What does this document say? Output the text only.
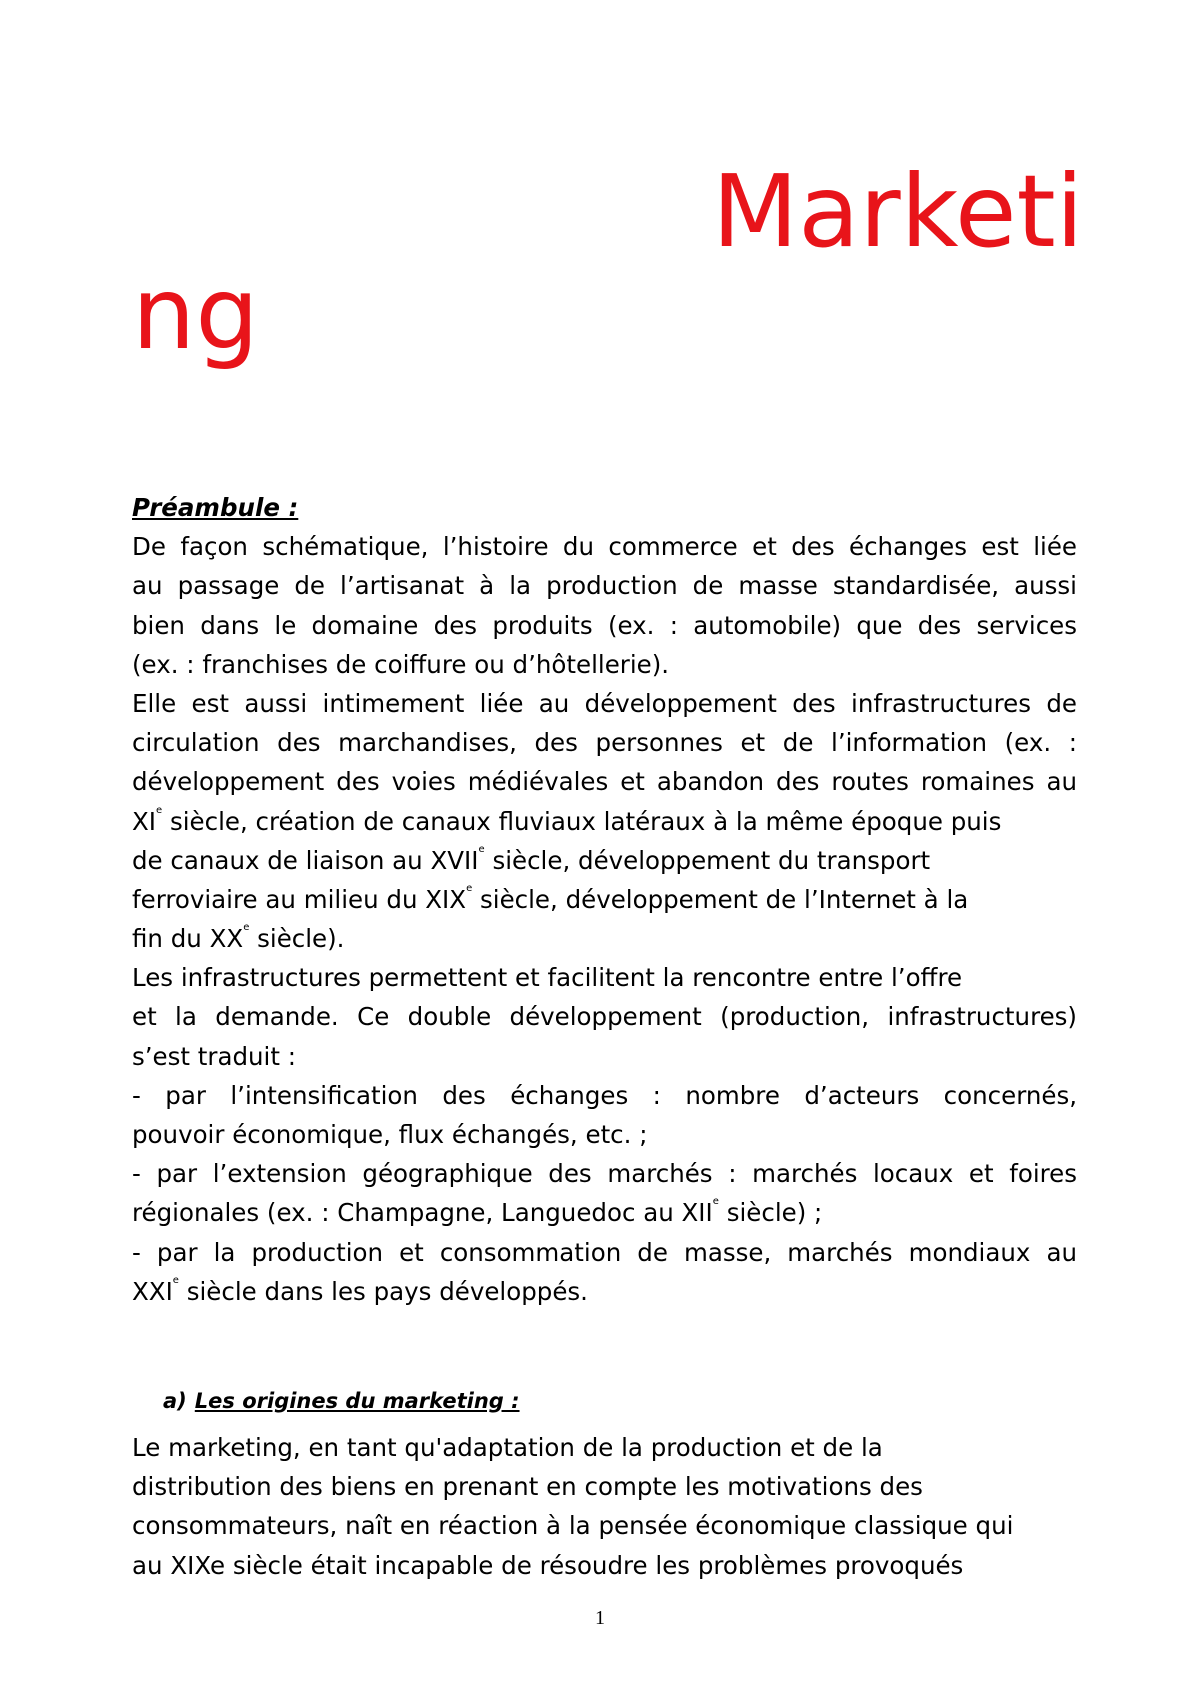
Marketi
ng
Préambule :
De façon schématique, l’histoire du commerce et des échanges est liée
au passage de l’artisanat à la production de masse standardisée, aussi
bien dans le domaine des produits (ex. : automobile) que des services
(ex. : franchises de coiffure ou d’hôtellerie).
Elle est aussi intimement liée au développement des infrastructures de
circulation des marchandises, des personnes et de l’information (ex. :
développement des voies médiévales et abandon des routes romaines au
XIe siècle, création de canaux fluviaux latéraux à la même époque puis
de canaux de liaison au XVIIe siècle, développement du transport
ferroviaire au milieu du XIXe siècle, développement de l’Internet à la
fin du XXe siècle).
Les infrastructures permettent et facilitent la rencontre entre l’offre
et la demande. Ce double développement (production, infrastructures)
s’est traduit :
- par l’intensification des échanges : nombre d’acteurs concernés,
pouvoir économique, flux échangés, etc. ;
- par l’extension géographique des marchés : marchés locaux et foires
régionales (ex. : Champagne, Languedoc au XIIe siècle) ;
- par la production et consommation de masse, marchés mondiaux au
XXIe siècle dans les pays développés.
a) Les origines du marketing :
Le marketing, en tant qu'adaptation de la production et de la
distribution des biens en prenant en compte les motivations des
consommateurs, naît en réaction à la pensée économique classique qui
au XIXe siècle était incapable de résoudre les problèmes provoqués
1
